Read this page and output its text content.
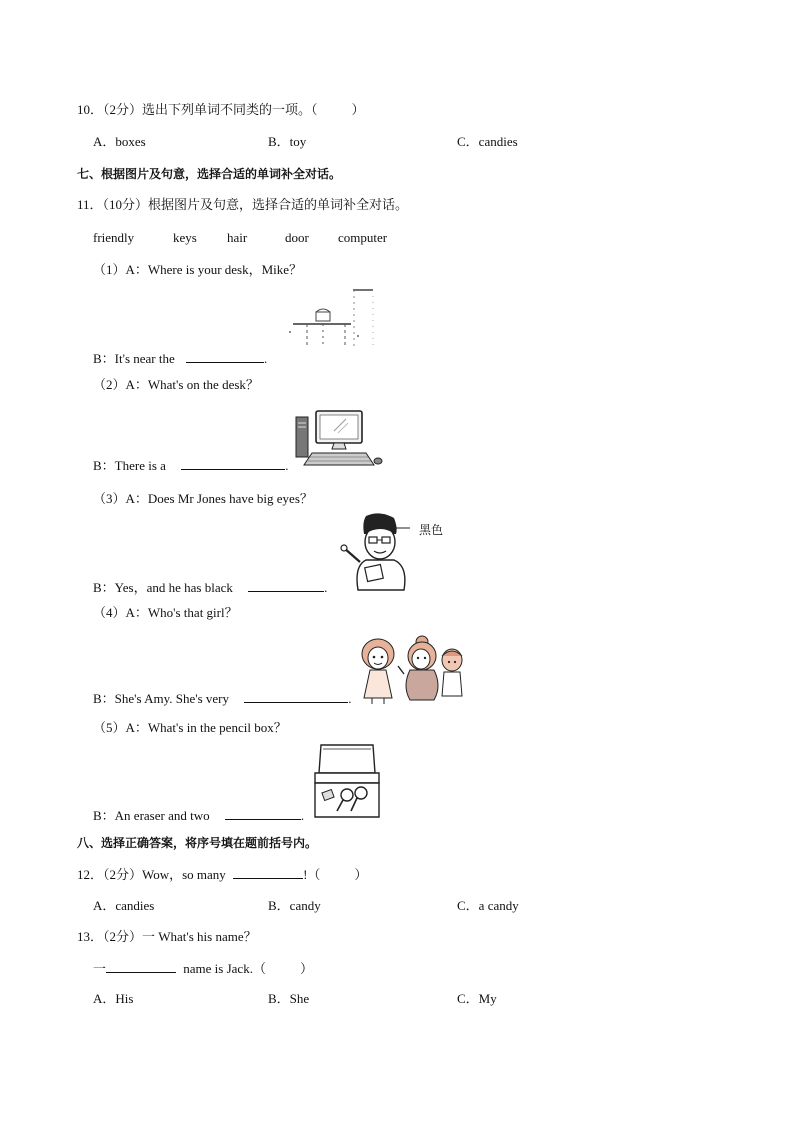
10．（2分）选出下列单词不同类的一项。（	）
A．boxes	B．toy	C．candies
七、根据图片及句意，选择合适的单词补全对话。
11．（10分）根据图片及句意，选择合适的单词补全对话。
friendly	keys hair	door computer
（1）A：Where is your desk，Mike？
B：It's near the	.
（2）A：What's on the desk？
B：There is a	.
（3）A：Does Mr Jones have big eyes？
黑色
B：Yes，and he has black	.
（4）A：Who's that girl？
B：She's Amy. She's very	.
（5）A：What's in the pencil box？
B：An eraser and two	.
八、选择正确答案，将序号填在题前括号内。
12．（2分）Wow，so many	!（	）
A．candies	B．candy	C．a candy
13．（2分）一 What's his name？
一	name is Jack.（	）
A．His	B．She	C．My
